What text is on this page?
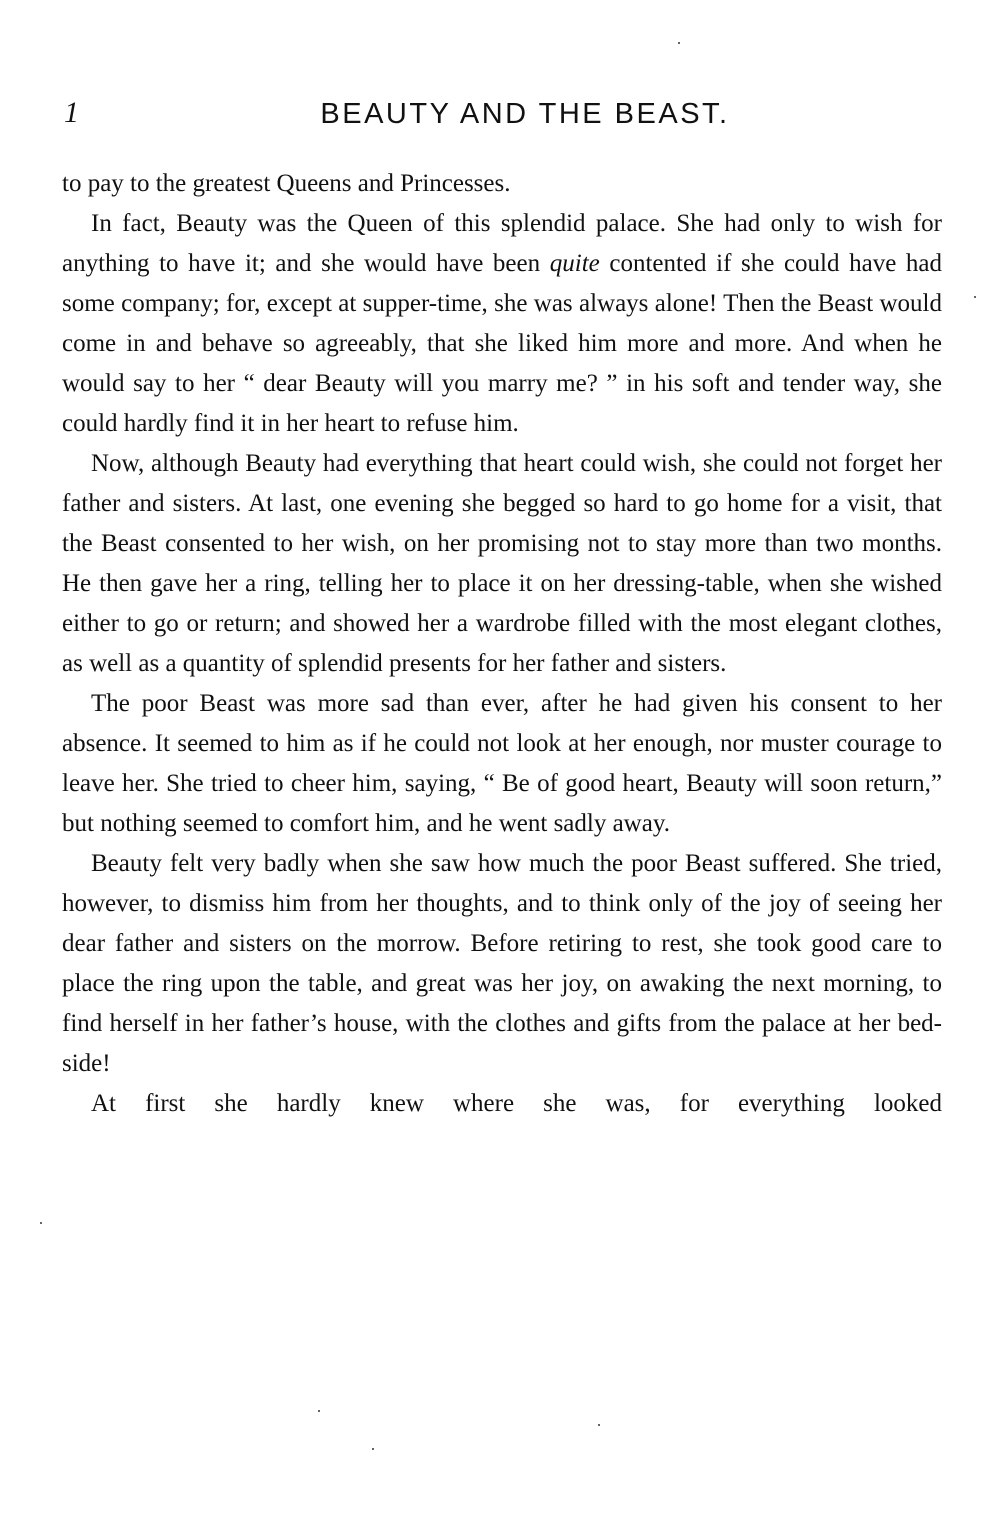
1	BEAUTY AND THE BEAST.

to pay to the greatest Queens and Princesses.

In fact, Beauty was the Queen of this splendid palace. She had only to wish for anything to have it; and she would have been quite contented if she could have had some company; for, except at supper-time, she was always alone! Then the Beast would come in and behave so agreeably, that she liked him more and more. And when he would say to her “ dear Beauty will you marry me? ” in his soft and tender way, she could hardly find it in her heart to refuse him.

Now, although Beauty had everything that heart could wish, she could not forget her father and sisters. At last, one evening she begged so hard to go home for a visit, that the Beast consented to her wish, on her promising not to stay more than two months. He then gave her a ring, telling her to place it on her dressing-table, when she wished either to go or return; and showed her a wardrobe filled with the most elegant clothes, as well as a quantity of splendid presents for her father and sisters.

The poor Beast was more sad than ever, after he had given his consent to her absence. It seemed to him as if he could not look at her enough, nor muster courage to leave her. She tried to cheer him, saying, “ Be of good heart, Beauty will soon return,” but nothing seemed to comfort him, and he went sadly away.

Beauty felt very badly when she saw how much the poor Beast suffered. She tried, however, to dismiss him from her thoughts, and to think only of the joy of seeing her dear father and sisters on the morrow. Before retiring to rest, she took good care to place the ring upon the table, and great was her joy, on awaking the next morning, to find herself in her father’s house, with the clothes and gifts from the palace at her bed-side!

At first she hardly knew where she was, for everything looked
